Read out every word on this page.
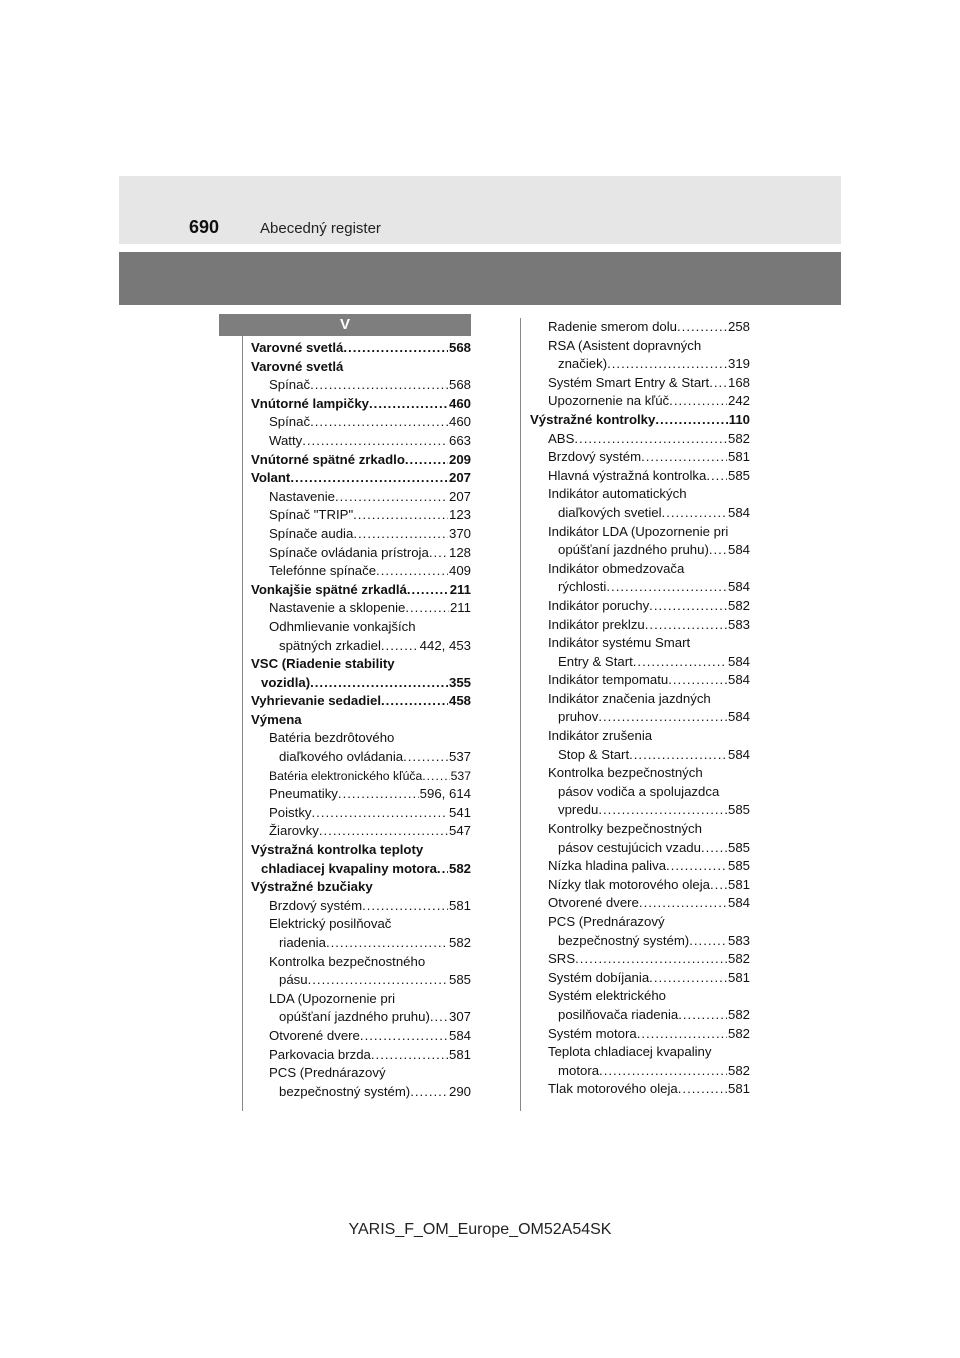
690	Abecedný register
V
Varovné svetlá .....	568
Varovné svetlá
Spínač .....	568
Vnútorné lampičky .....	460
Spínač .....	460
Watty .....	663
Vnútorné spätné zrkadlo .....	209
Volant .....	207
Nastavenie .....	207
Spínač "TRIP" .....	123
Spínače audia .....	370
Spínače ovládania prístroja ..... 128
Telefónne spínače .....	409
Vonkajšie spätné zrkadlá .....	211
Nastavenie a sklopenie .....	211
Odhmlievanie vonkajších
spätných zrkadiel .....	442, 453
VSC (Riadenie stability
vozidla) .....	355
Vyhrievanie sedadiel .....	458
Výmena
Batéria bezdrôtového
diaľkového ovládania .....	537
Batéria elektronického kľúča ..... 537
Pneumatiky .....	596, 614
Poistky .....	541
Žiarovky .....	547
Výstražná kontrolka teploty
chladiacej kvapaliny motora ..... 582
Výstražné bzučiaky
Brzdový systém .....	581
Elektrický posilňovač
riadenia .....	582
Kontrolka bezpečnostného
pásu .....	585
LDA (Upozornenie pri
opúšťaní jazdného pruhu) ..... 307
Otvorené dvere .....	584
Parkovacia brzda .....	581
PCS (Prednárazový
bezpečnostný systém) .....	290
Radenie smerom dolu .....	258
RSA (Asistent dopravných
značiek) .....	319
Systém Smart Entry & Start ..... 168
Upozornenie na kľúč .....	242
Výstražné kontrolky .....	110
ABS .....	582
Brzdový systém .....	581
Hlavná výstražná kontrolka ..... 585
Indikátor automatických
diaľkových svetiel .....	584
Indikátor LDA (Upozornenie pri
opúšťaní jazdného pruhu) ..... 584
Indikátor obmedzovača
rýchlosti .....	584
Indikátor poruchy .....	582
Indikátor preklzu .....	583
Indikátor systému Smart
Entry & Start .....	584
Indikátor tempomatu .....	584
Indikátor značenia jazdných
pruhov .....	584
Indikátor zrušenia
Stop & Start .....	584
Kontrolka bezpečnostných
pásov vodiča a spolujazdca
vpredu .....	585
Kontrolky bezpečnostných
pásov cestujúcich vzadu ..... 585
Nízka hladina paliva .....	585
Nízky tlak motorového oleja ..... 581
Otvorené dvere .....	584
PCS (Prednárazový
bezpečnostný systém) .....	583
SRS .....	582
Systém dobíjania .....	581
Systém elektrického
posilňovača riadenia .....	582
Systém motora .....	582
Teplota chladiacej kvapaliny
motora .....	582
Tlak motorového oleja .....	581
YARIS_F_OM_Europe_OM52A54SK
